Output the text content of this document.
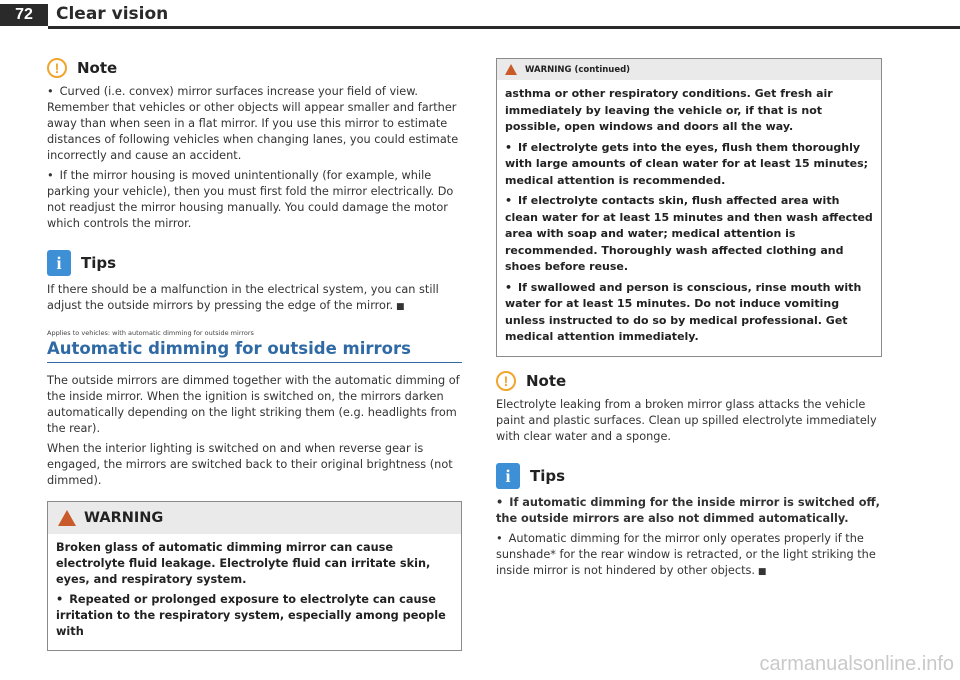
72	Clear vision
!	Note

• Curved (i.e. convex) mirror surfaces increase your field of view. Remember that vehicles or other objects will appear smaller and farther away than when seen in a flat mirror. If you use this mirror to estimate distances of following vehicles when changing lanes, you could estimate incorrectly and cause an accident.

• If the mirror housing is moved unintentionally (for example, while parking your vehicle), then you must first fold the mirror electrically. Do not readjust the mirror housing manually. You could damage the motor which controls the mirror.

i	Tips

If there should be a malfunction in the electrical system, you can still adjust the outside mirrors by pressing the edge of the mirror. ■

Applies to vehicles: with automatic dimming for outside mirrors
Automatic dimming for outside mirrors

The outside mirrors are dimmed together with the automatic dimming of the inside mirror. When the ignition is switched on, the mirrors darken automatically depending on the light striking them (e.g. headlights from the rear).

When the interior lighting is switched on and when reverse gear is engaged, the mirrors are switched back to their original brightness (not dimmed).

WARNING

Broken glass of automatic dimming mirror can cause electrolyte fluid leakage. Electrolyte fluid can irritate skin, eyes, and respiratory system.

• Repeated or prolonged exposure to electrolyte can cause irritation to the respiratory system, especially among people with

WARNING (continued)

asthma or other respiratory conditions. Get fresh air immediately by leaving the vehicle or, if that is not possible, open windows and doors all the way.

• If electrolyte gets into the eyes, flush them thoroughly with large amounts of clean water for at least 15 minutes; medical attention is recommended.

• If electrolyte contacts skin, flush affected area with clean water for at least 15 minutes and then wash affected area with soap and water; medical attention is recommended. Thoroughly wash affected clothing and shoes before reuse.

• If swallowed and person is conscious, rinse mouth with water for at least 15 minutes. Do not induce vomiting unless instructed to do so by medical professional. Get medical attention immediately.

!	Note

Electrolyte leaking from a broken mirror glass attacks the vehicle paint and plastic surfaces. Clean up spilled electrolyte immediately with clear water and a sponge.

i	Tips

• If automatic dimming for the inside mirror is switched off, the outside mirrors are also not dimmed automatically.

• Automatic dimming for the mirror only operates properly if the sunshade* for the rear window is retracted, or the light striking the inside mirror is not hindered by other objects. ■

carmanualsonline.info
